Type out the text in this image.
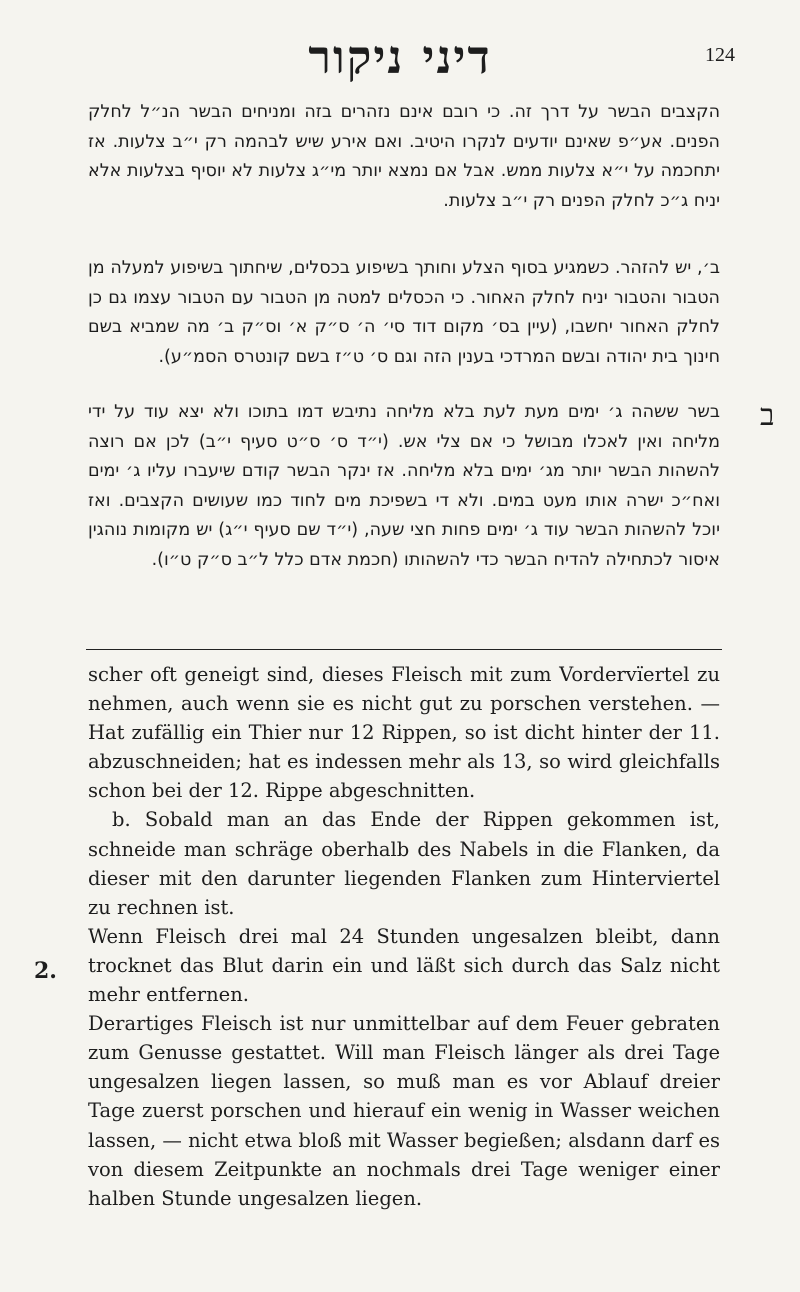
דיני ניקור	124

הקצבים הבשר על דרך זה. כי רובם אינם נזהרים בזה ומניחים הבשר הנ״ל לחלק הפנים. אע״פ שאינם יודעים לנקרו היטיב. ואם אירע שיש לבהמה רק י״ב צלעות. אז יתחכמה על י״א צלעות ממש. אבל אם נמצא יותר מי״ג צלעות לא יוסיף בצלעות אלא יניח ג״כ לחלק הפנים רק י״ב צלעות.

ב׳, יש להזהר. כשמגיע בסוף הצלע וחותך בשיפוע בכסלים, שיחתוך בשיפוע למעלה מן הטבור והטבור יניח לחלק האחור. כי הכסלים למטה מן הטבור עם הטבור עצמו גם כן לחלק האחור יחשבו, (עיין בס׳ מקום דוד סי׳ ה׳ ס״ק א׳ וס״ק ב׳ מה שמביא בשם חינוך בית יהודה ובשם המרדכי בענין הזה וגם ס׳ ט״ז בשם קונטרס הסמ״ע).

ב

בשר ששהה ג׳ ימים מעת לעת בלא מליחה נתיבש דמו בתוכו ולא יצא עוד על ידי מליחה ואין לאכלו מבושל כי אם צלי אש. (י״ד ס׳ ס״ט סעיף י״ב) לכן אם רוצה להשהות הבשר יותר מג׳ ימים בלא מליחה. אז ינקר הבשר קודם שיעברו עליו ג׳ ימים ואח״כ ישרה אותו מעט במים. ולא די בשפיכת מים לחוד כמו שעושים הקצבים. ואז יוכל להשהות הבשר עוד ג׳ ימים פחות חצי שעה, (י״ד שם סעיף י״ג) יש מקומות נוהגין איסור לכתחילה להדיח הבשר כדי להשהותו (חכמת אדם כלל ל״ב ס״ק ט״ו).

2.

scher oft geneigt sind, dieses Fleisch mit zum Vordervïertel zu nehmen, auch wenn sie es nicht gut zu porschen verstehen. — Hat zufällig ein Thier nur 12 Rippen, so ist dicht hinter der 11. abzuschneiden; hat es indessen mehr als 13, so wird gleichfalls schon bei der 12. Rippe abgeschnitten.

b. Sobald man an das Ende der Rippen gekommen ist, schneide man schräge oberhalb des Nabels in die Flanken, da dieser mit den darunter liegenden Flanken zum Hinterviertel zu rechnen ist.

Wenn Fleisch drei mal 24 Stunden ungesalzen bleibt, dann trocknet das Blut darin ein und läßt sich durch das Salz nicht mehr entfernen.

Derartiges Fleisch ist nur unmittelbar auf dem Feuer gebraten zum Genusse gestattet. Will man Fleisch länger als drei Tage ungesalzen liegen lassen, so muß man es vor Ablauf dreier Tage zuerst porschen und hierauf ein wenig in Wasser weichen lassen, — nicht etwa bloß mit Wasser begießen; alsdann darf es von diesem Zeitpunkte an nochmals drei Tage weniger einer halben Stunde ungesalzen liegen.
